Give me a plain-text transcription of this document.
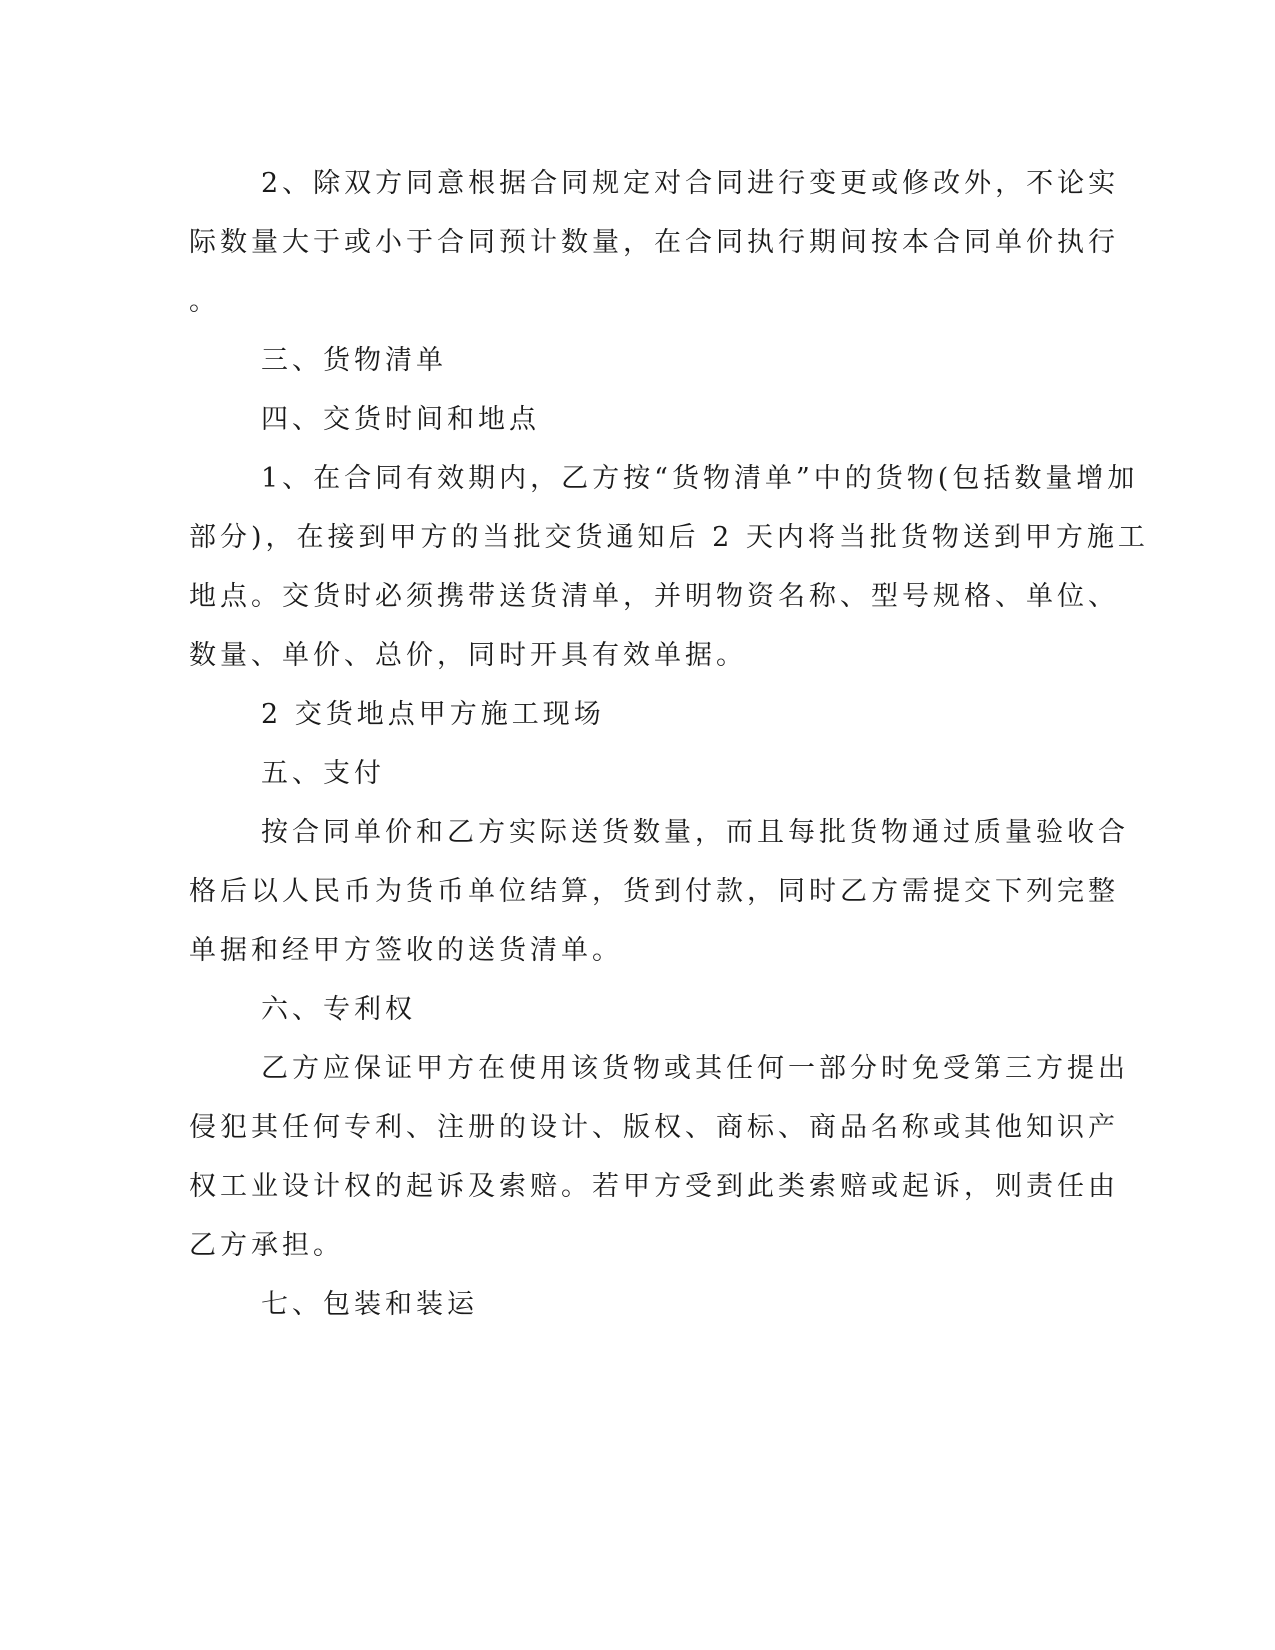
2、除双方同意根据合同规定对合同进行变更或修改外，不论实
际数量大于或小于合同预计数量，在合同执行期间按本合同单价执行
。
三、货物清单
四、交货时间和地点
1、在合同有效期内，乙方按“货物清单”中的货物(包括数量增加
部分)，在接到甲方的当批交货通知后 2 天内将当批货物送到甲方施工
地点。交货时必须携带送货清单，并明物资名称、型号规格、单位、
数量、单价、总价，同时开具有效单据。
2 交货地点甲方施工现场
五、支付
按合同单价和乙方实际送货数量，而且每批货物通过质量验收合
格后以人民币为货币单位结算，货到付款，同时乙方需提交下列完整
单据和经甲方签收的送货清单。
六、专利权
乙方应保证甲方在使用该货物或其任何一部分时免受第三方提出
侵犯其任何专利、注册的设计、版权、商标、商品名称或其他知识产
权工业设计权的起诉及索赔。若甲方受到此类索赔或起诉，则责任由
乙方承担。
七、包装和装运
